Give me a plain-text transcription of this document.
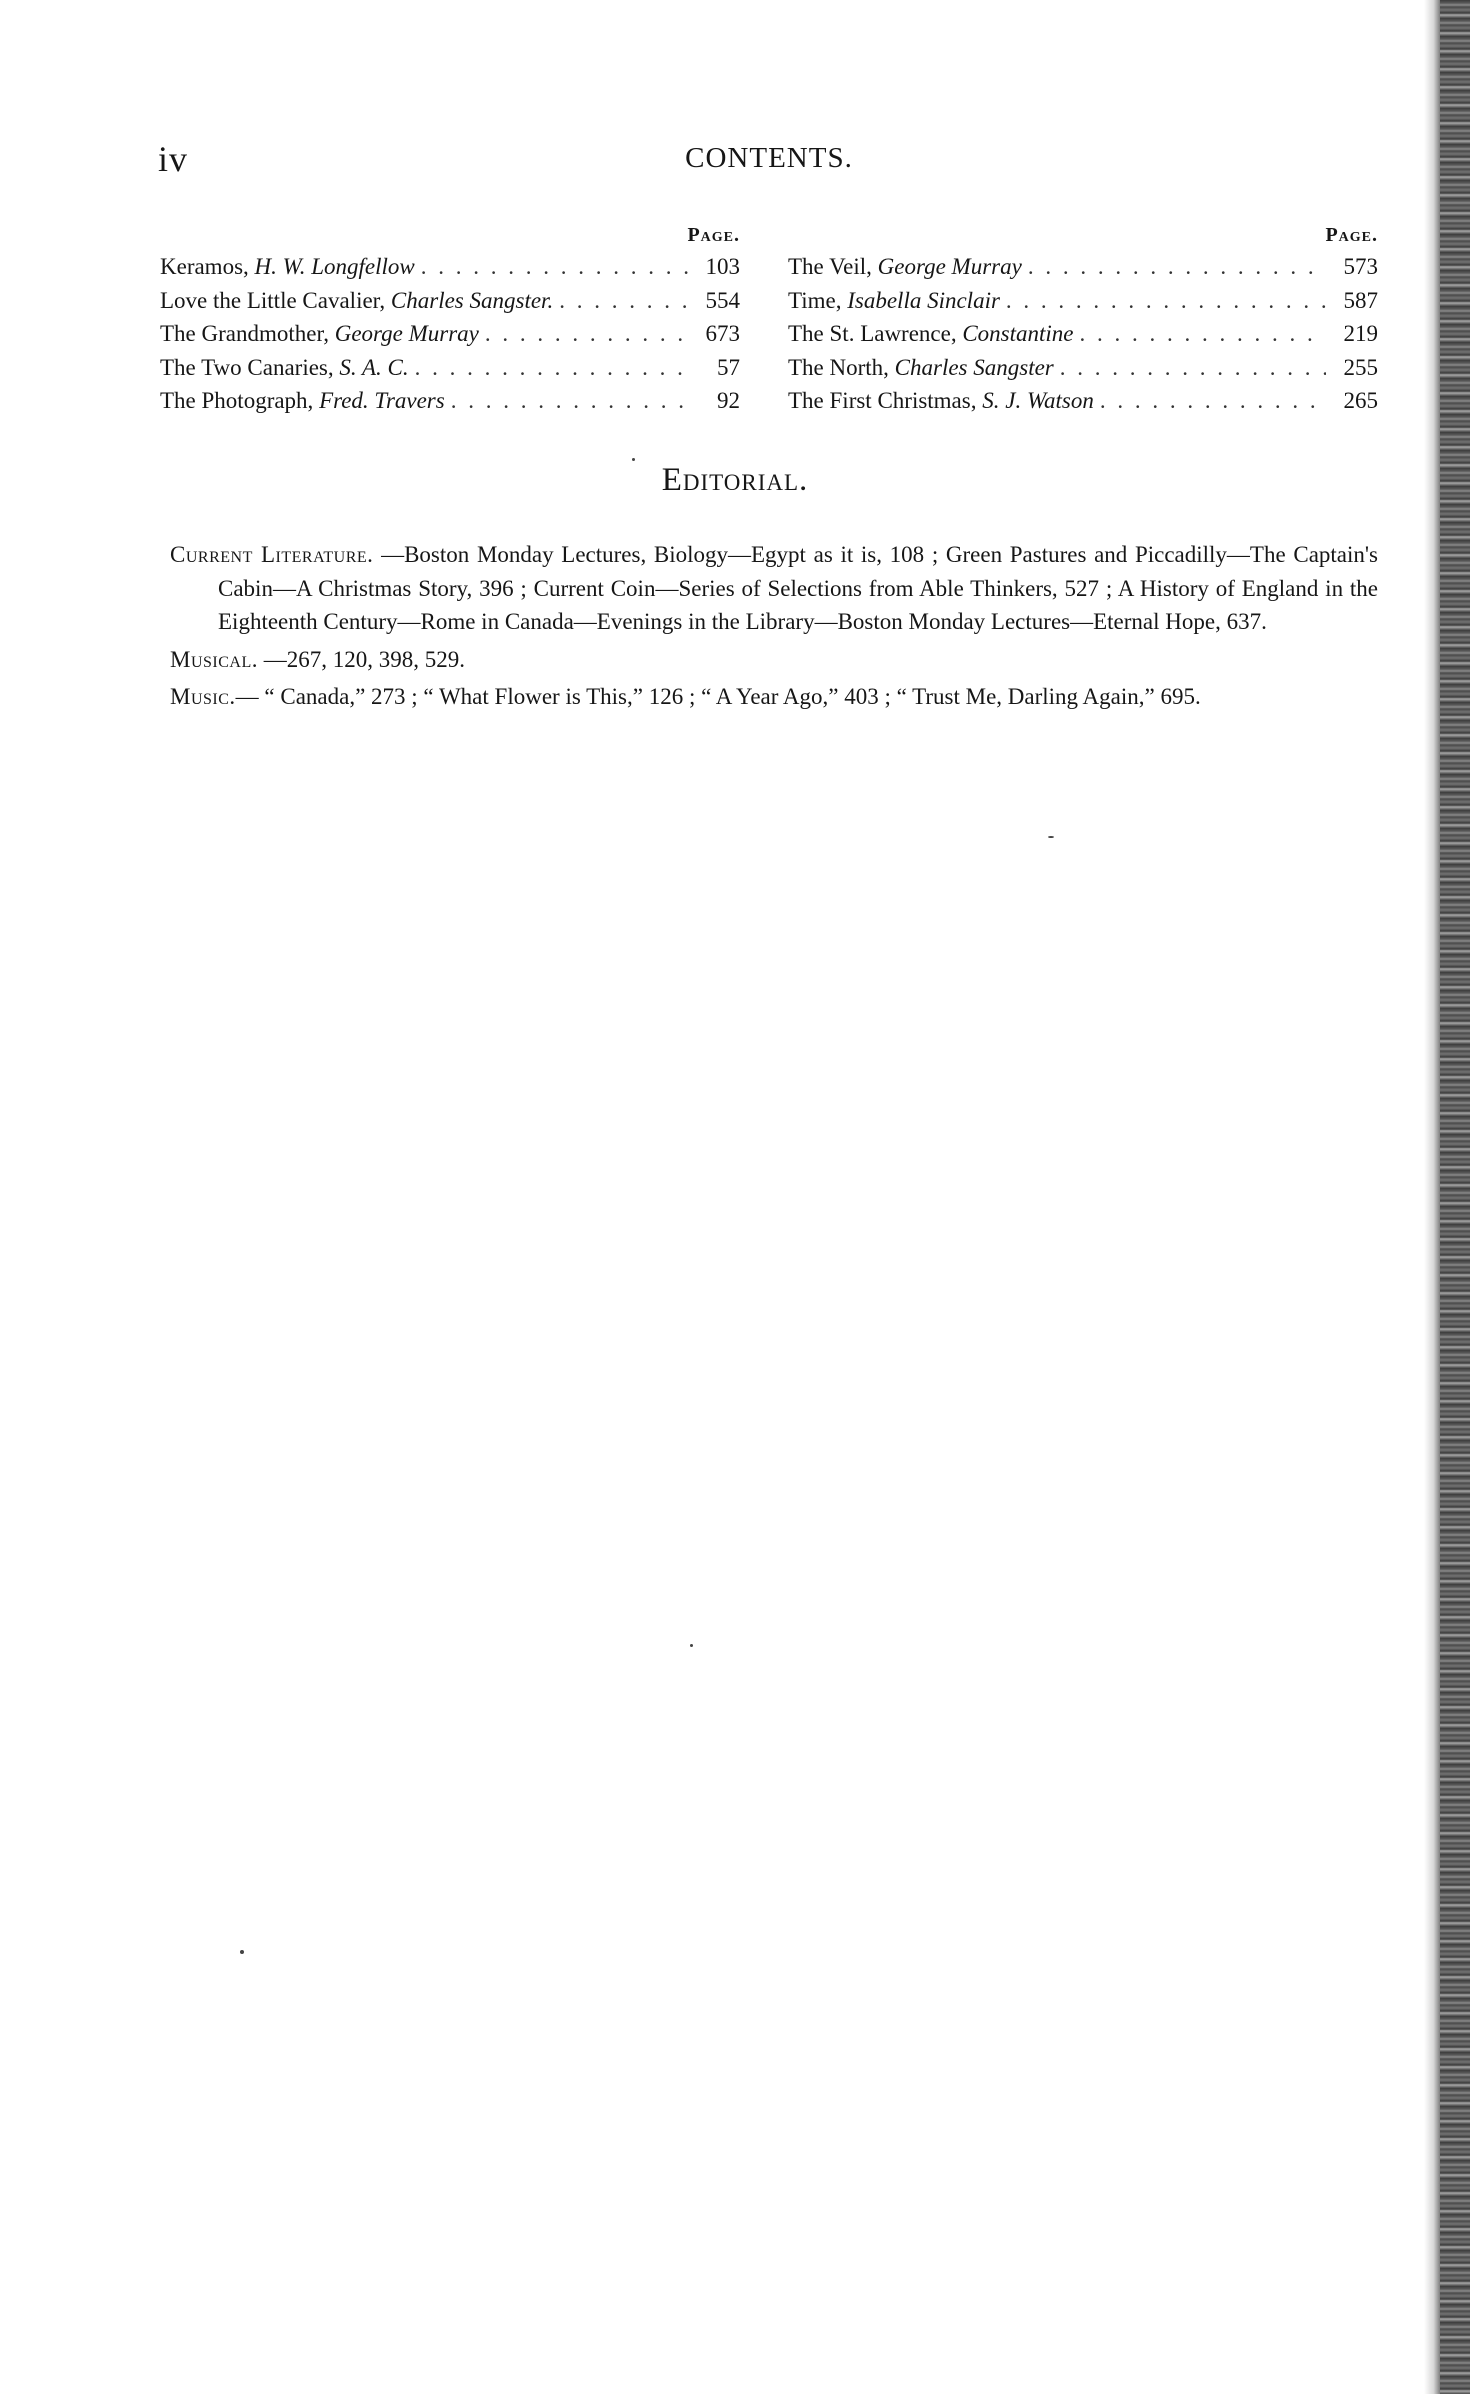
iv	CONTENTS.
Page.
Keramos, H. W. Longfellow . . .	103
Love the Little Cavalier, Charles Sangster. . . .	554
The Grandmother, George Murray . . .	673
The Two Canaries, S. A. C. . . .	57
The Photograph, Fred. Travers . . .	92
Page.
The Veil, George Murray . . .	573
Time, Isabella Sinclair . . .	587
The St. Lawrence, Constantine . . .	219
The North, Charles Sangster . . .	255
The First Christmas, S. J. Watson . . .	265
Editorial.
Current Literature. —Boston Monday Lectures, Biology—Egypt as it is, 108 ; Green Pastures and Piccadilly—The Captain's Cabin—A Christmas Story, 396 ; Current Coin—Series of Selections from Able Thinkers, 527 ; A History of England in the Eighteenth Century—Rome in Canada—Evenings in the Library—Boston Monday Lectures—Eternal Hope, 637.
Musical. —267, 120, 398, 529.
Music.— “ Canada,” 273 ; “ What Flower is This,” 126 ; “ A Year Ago,” 403 ; “ Trust Me, Darling Again,” 695.
